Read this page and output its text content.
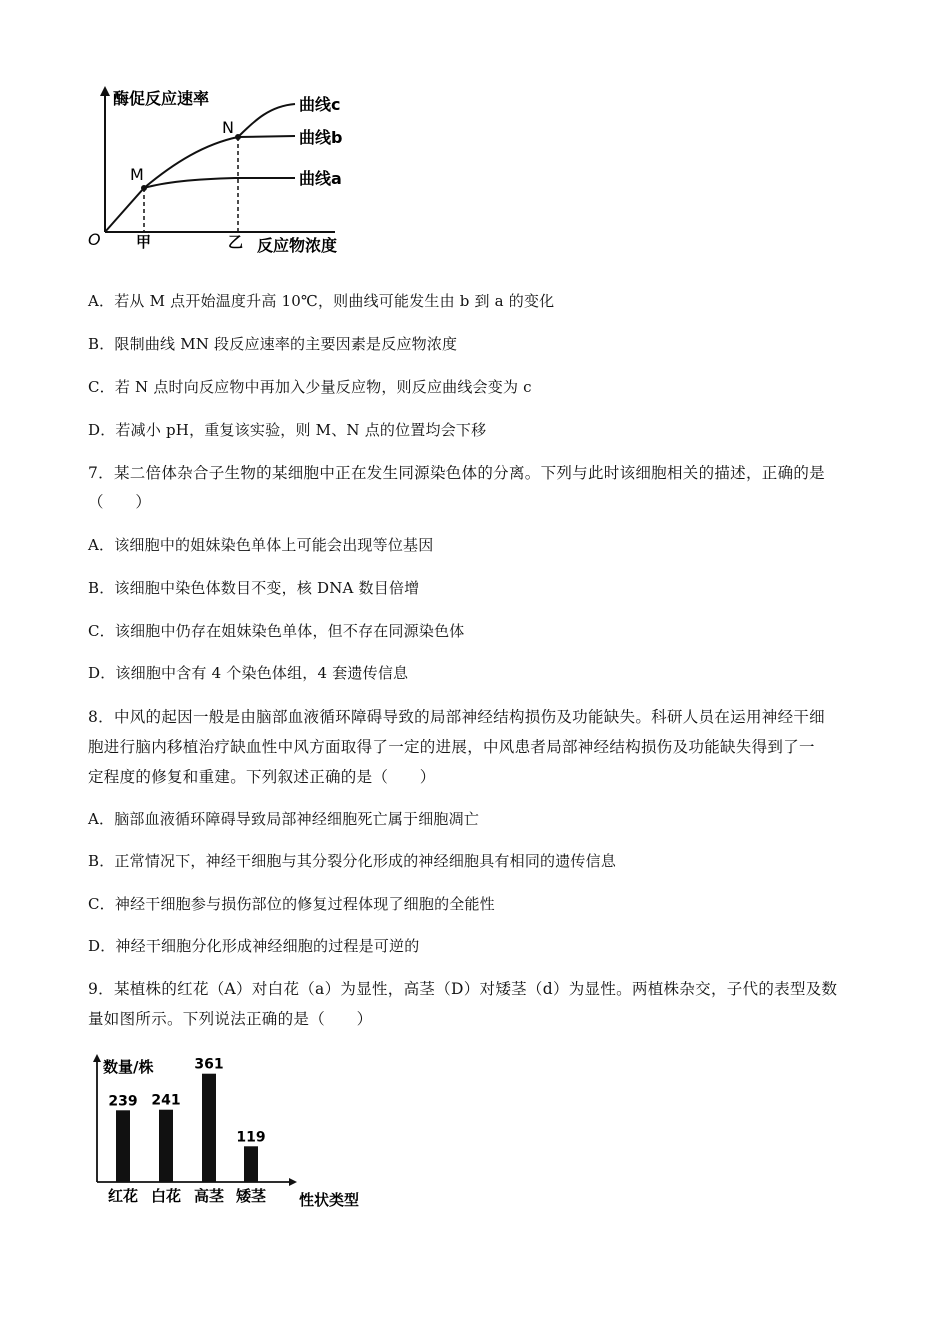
酶促反应速率
反应物浓度
O 甲	乙
M
N
曲线c
曲线b
曲线a
A．若从 M 点开始温度升高 10℃，则曲线可能发生由 b 到 a 的变化
B．限制曲线 MN 段反应速率的主要因素是反应物浓度
C．若 N 点时向反应物中再加入少量反应物，则反应曲线会变为 c
D．若减小 pH，重复该实验，则 M、N 点的位置均会下移
7．某二倍体杂合子生物的某细胞中正在发生同源染色体的分离。下列与此时该细胞相关的描述，正确的是
（　　）
A．该细胞中的姐妹染色单体上可能会出现等位基因
B．该细胞中染色体数目不变，核 DNA 数目倍增
C．该细胞中仍存在姐妹染色单体，但不存在同源染色体
D．该细胞中含有 4 个染色体组，4 套遗传信息
8．中风的起因一般是由脑部血液循环障碍导致的局部神经结构损伤及功能缺失。科研人员在运用神经干细
胞进行脑内移植治疗缺血性中风方面取得了一定的进展，中风患者局部神经结构损伤及功能缺失得到了一
定程度的修复和重建。下列叙述正确的是（　　）
A．脑部血液循环障碍导致局部神经细胞死亡属于细胞凋亡
B．正常情况下，神经干细胞与其分裂分化形成的神经细胞具有相同的遗传信息
C．神经干细胞参与损伤部位的修复过程体现了细胞的全能性
D．神经干细胞分化形成神经细胞的过程是可逆的
9．某植株的红花（A）对白花（a）为显性，高茎（D）对矮茎（d）为显性。两植株杂交，子代的表型及数
量如图所示。下列说法正确的是（　　）
数量/株
性状类型
239
红花
241
白花
361
高茎
119
矮茎
